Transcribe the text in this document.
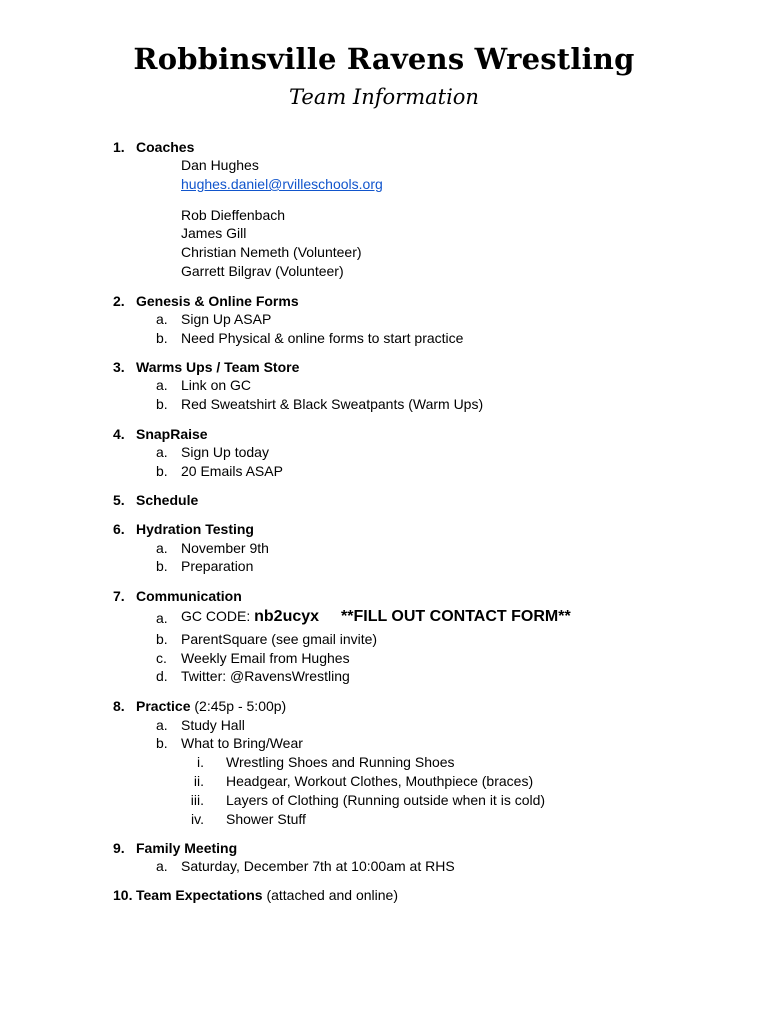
Robbinsville Ravens Wrestling
Team Information
1. Coaches
Dan Hughes
hughes.daniel@rvilleschools.org
Rob Dieffenbach
James Gill
Christian Nemeth (Volunteer)
Garrett Bilgrav (Volunteer)
2. Genesis & Online Forms
a. Sign Up ASAP
b. Need Physical & online forms to start practice
3. Warms Ups / Team Store
a. Link on GC
b. Red Sweatshirt & Black Sweatpants (Warm Ups)
4. SnapRaise
a. Sign Up today
b. 20 Emails ASAP
5. Schedule
6. Hydration Testing
a. November 9th
b. Preparation
7. Communication
a. GC CODE: nb2ucyx **FILL OUT CONTACT FORM**
b. ParentSquare (see gmail invite)
c. Weekly Email from Hughes
d. Twitter: @RavensWrestling
8. Practice (2:45p - 5:00p)
a. Study Hall
b. What to Bring/Wear
i. Wrestling Shoes and Running Shoes
ii. Headgear, Workout Clothes, Mouthpiece (braces)
iii. Layers of Clothing (Running outside when it is cold)
iv. Shower Stuff
9. Family Meeting
a. Saturday, December 7th at 10:00am at RHS
10. Team Expectations (attached and online)
